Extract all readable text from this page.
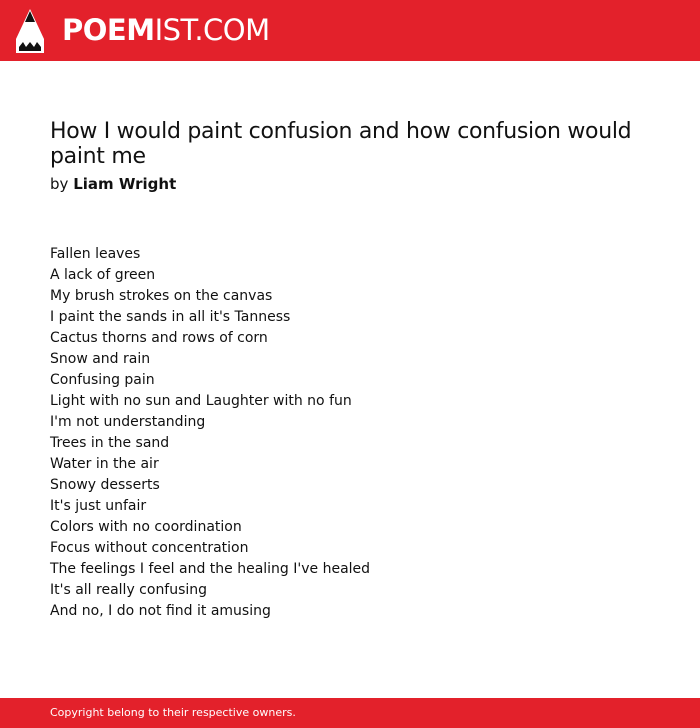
POEMIST.COM
How I would paint confusion and how confusion would paint me
by Liam Wright
Fallen leaves
A lack of green
My brush strokes on the canvas
I paint the sands in all it's Tanness
Cactus thorns and rows of corn
Snow and rain
Confusing pain
Light with no sun and Laughter with no fun
I'm not understanding
Trees in the sand
Water in the air
Snowy desserts
It's just unfair
Colors with no coordination
Focus without concentration
The feelings I feel and the healing I've healed
It's all really confusing
And no, I do not find it amusing
Copyright belong to their respective owners.
